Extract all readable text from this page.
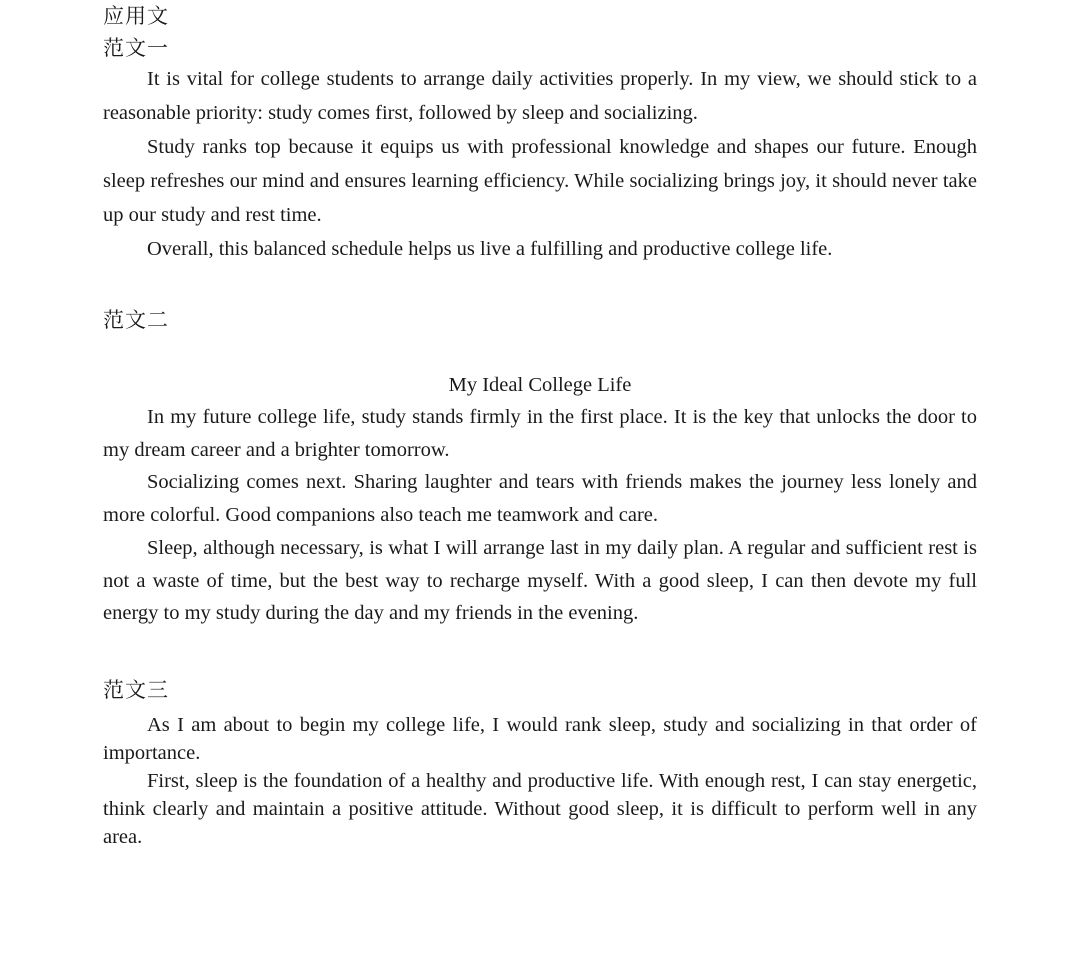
应用文
范文一

It is vital for college students to arrange daily activities properly. In my view, we should stick to a reasonable priority: study comes first, followed by sleep and socializing.

Study ranks top because it equips us with professional knowledge and shapes our future. Enough sleep refreshes our mind and ensures learning efficiency. While socializing brings joy, it should never take up our study and rest time.

Overall, this balanced schedule helps us live a fulfilling and productive college life.

范文二
My Ideal College Life

In my future college life, study stands firmly in the first place. It is the key that unlocks the door to my dream career and a brighter tomorrow.

Socializing comes next. Sharing laughter and tears with friends makes the journey less lonely and more colorful. Good companions also teach me teamwork and care.

Sleep, although necessary, is what I will arrange last in my daily plan. A regular and sufficient rest is not a waste of time, but the best way to recharge myself. With a good sleep, I can then devote my full energy to my study during the day and my friends in the evening.

范文三

As I am about to begin my college life, I would rank sleep, study and socializing in that order of importance.

First, sleep is the foundation of a healthy and productive life. With enough rest, I can stay energetic, think clearly and maintain a positive attitude. Without good sleep, it is difficult to perform well in any area.
